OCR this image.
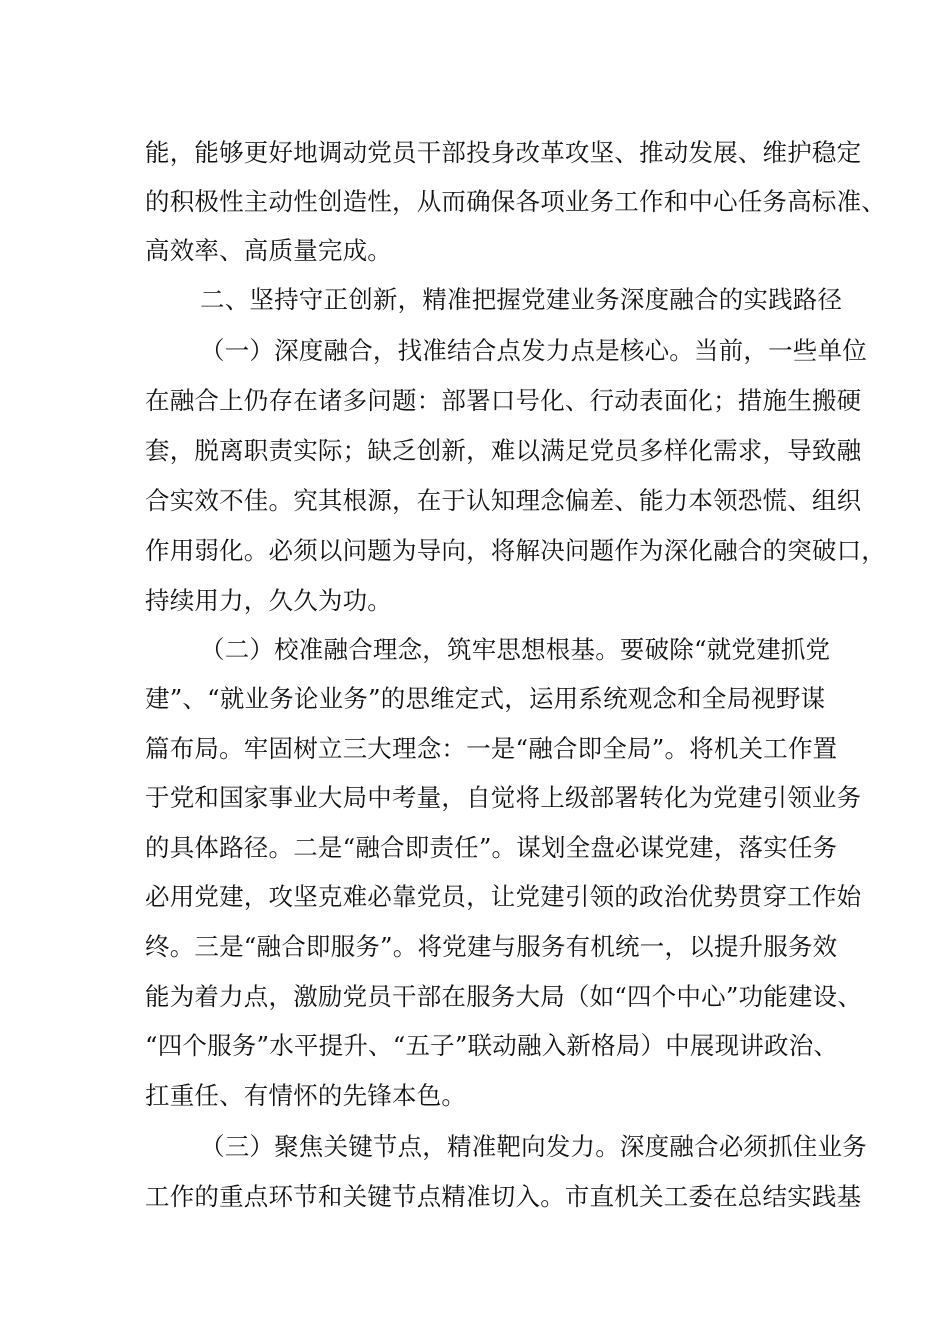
能，能够更好地调动党员干部投身改革攻坚、推动发展、维护稳定
的积极性主动性创造性，从而确保各项业务工作和中心任务高标准、
高效率、高质量完成。
二、坚持守正创新，精准把握党建业务深度融合的实践路径
（一）深度融合，找准结合点发力点是核心。当前，一些单位
在融合上仍存在诸多问题：部署口号化、行动表面化；措施生搬硬
套，脱离职责实际；缺乏创新，难以满足党员多样化需求，导致融
合实效不佳。究其根源，在于认知理念偏差、能力本领恐慌、组织
作用弱化。必须以问题为导向，将解决问题作为深化融合的突破口，
持续用力，久久为功。
（二）校准融合理念，筑牢思想根基。要破除“就党建抓党
建”、“就业务论业务”的思维定式，运用系统观念和全局视野谋
篇布局。牢固树立三大理念：一是“融合即全局”。将机关工作置
于党和国家事业大局中考量，自觉将上级部署转化为党建引领业务
的具体路径。二是“融合即责任”。谋划全盘必谋党建，落实任务
必用党建，攻坚克难必靠党员，让党建引领的政治优势贯穿工作始
终。三是“融合即服务”。将党建与服务有机统一，以提升服务效
能为着力点，激励党员干部在服务大局（如“四个中心”功能建设、
“四个服务”水平提升、“五子”联动融入新格局）中展现讲政治、
扛重任、有情怀的先锋本色。
（三）聚焦关键节点，精准靶向发力。深度融合必须抓住业务
工作的重点环节和关键节点精准切入。市直机关工委在总结实践基
